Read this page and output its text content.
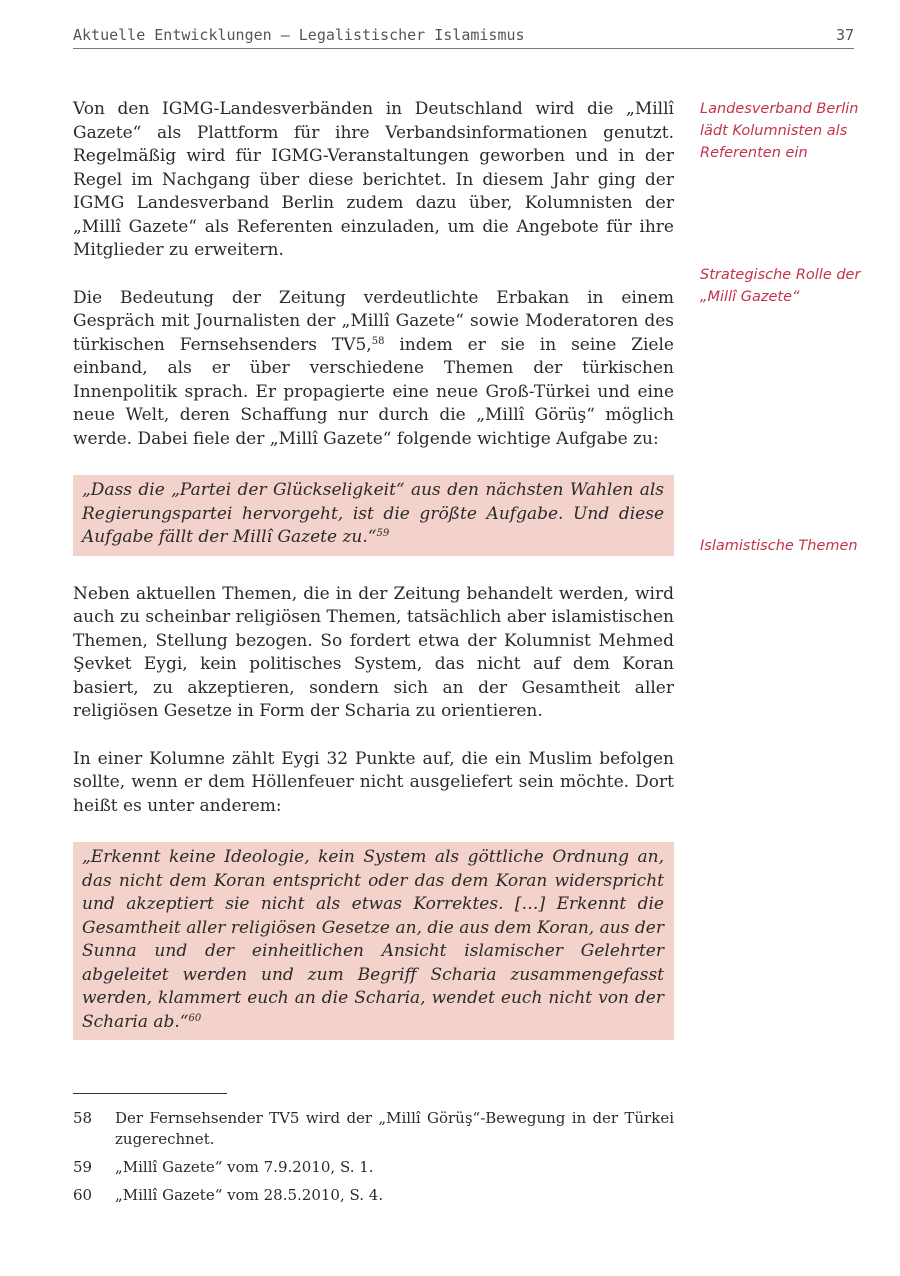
Aktuelle Entwicklungen – Legalistischer Islamismus	37

Von den IGMG-Landesverbänden in Deutschland wird die „Millî Gazete“ als Plattform für ihre Verbandsinformationen genutzt. Regelmäßig wird für IGMG-Veranstaltungen geworben und in der Regel im Nachgang über diese berichtet. In diesem Jahr ging der IGMG Landesverband Berlin zudem dazu über, Kolumnisten der „Millî Gazete“ als Referenten einzuladen, um die Angebote für ihre Mitglieder zu erweitern.

Die Bedeutung der Zeitung verdeutlichte Erbakan in einem Gespräch mit Journalisten der „Millî Gazete“ sowie Moderatoren des türkischen Fernsehsenders TV5,58 indem er sie in seine Ziele einband, als er über verschiedene Themen der türkischen Innenpolitik sprach. Er propagierte eine neue Groß-Türkei und eine neue Welt, deren Schaffung nur durch die „Millî Görüş“ möglich werde. Dabei fiele der „Millî Gazete“ folgende wichtige Aufgabe zu:

„Dass die „Partei der Glückseligkeit“ aus den nächsten Wahlen als Regierungspartei hervorgeht, ist die größte Aufgabe. Und diese Aufgabe fällt der Millî Gazete zu.“$^{59}$

Neben aktuellen Themen, die in der Zeitung behandelt werden, wird auch zu scheinbar religiösen Themen, tatsächlich aber islamistischen Themen, Stellung bezogen. So fordert etwa der Kolumnist Mehmed Şevket Eygi, kein politisches System, das nicht auf dem Koran basiert, zu akzeptieren, sondern sich an der Gesamtheit aller religiösen Gesetze in Form der Scharia zu orientieren.

In einer Kolumne zählt Eygi 32 Punkte auf, die ein Muslim befolgen sollte, wenn er dem Höllenfeuer nicht ausgeliefert sein möchte. Dort heißt es unter anderem:

„Erkennt keine Ideologie, kein System als göttliche Ordnung an, das nicht dem Koran entspricht oder das dem Koran widerspricht und akzeptiert sie nicht als etwas Korrektes. […] Erkennt die Gesamtheit aller religiösen Gesetze an, die aus dem Koran, aus der Sunna und der einheitlichen Ansicht islamischer Gelehrter abgeleitet werden und zum Begriff Scharia zusammengefasst werden, klammert euch an die Scharia, wendet euch nicht von der Scharia ab.“$^{60}$
Landesverband Berlin lädt Kolumnisten als Referenten ein
Strategische Rolle der „Millî Gazete“
Islamistische Themen
58	Der Fernsehsender TV5 wird der „Millî Görüş“-Bewegung in der Türkei zugerechnet.
59	„Millî Gazete“ vom 7.9.2010, S. 1.
60	„Millî Gazete“ vom 28.5.2010, S. 4.
